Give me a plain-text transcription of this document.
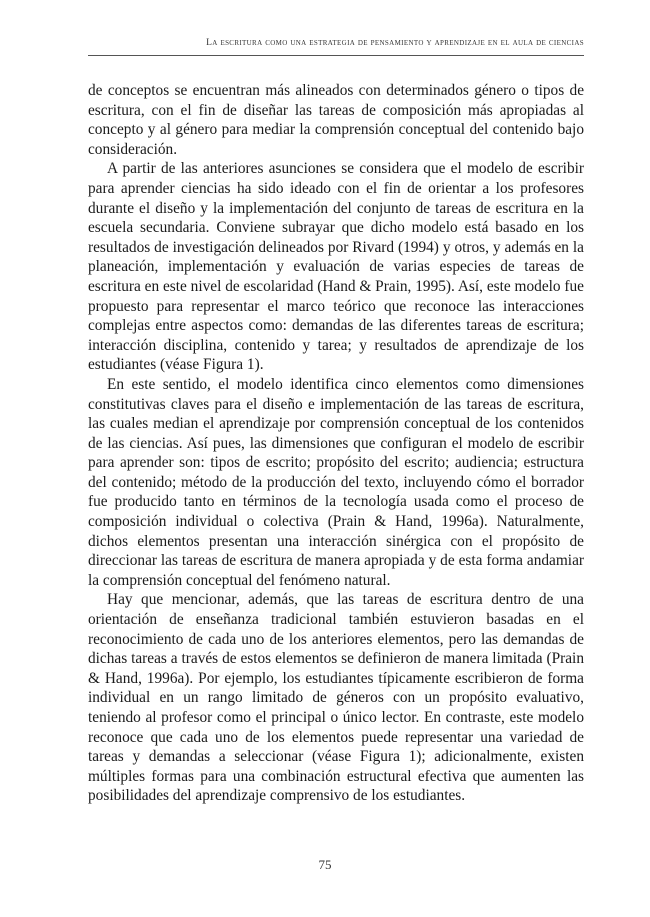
La escritura como una estrategia de pensamiento y aprendizaje en el aula de ciencias

de conceptos se encuentran más alineados con determinados género o tipos de escritura, con el fin de diseñar las tareas de composición más apropiadas al concepto y al género para mediar la comprensión conceptual del contenido bajo consideración.

A partir de las anteriores asunciones se considera que el modelo de escribir para aprender ciencias ha sido ideado con el fin de orientar a los profesores durante el diseño y la implementación del conjunto de tareas de escritura en la escuela secundaria. Conviene subrayar que dicho modelo está basado en los resultados de investigación delineados por Rivard (1994) y otros, y además en la planeación, implementación y evaluación de varias especies de tareas de escritura en este nivel de escolaridad (Hand & Prain, 1995). Así, este modelo fue propuesto para representar el marco teórico que reconoce las interacciones complejas entre aspectos como: demandas de las diferentes tareas de escritura; interacción disciplina, contenido y tarea; y resultados de aprendizaje de los estudiantes (véase Figura 1).

En este sentido, el modelo identifica cinco elementos como dimensiones constitutivas claves para el diseño e implementación de las tareas de escritura, las cuales median el aprendizaje por comprensión conceptual de los contenidos de las ciencias. Así pues, las dimensiones que configuran el modelo de escribir para aprender son: tipos de escrito; propósito del escrito; audiencia; estructura del contenido; método de la producción del texto, incluyendo cómo el borrador fue producido tanto en términos de la tecnología usada como el proceso de composición individual o colectiva (Prain & Hand, 1996a). Naturalmente, dichos elementos presentan una interacción sinérgica con el propósito de direccionar las tareas de escritura de manera apropiada y de esta forma andamiar la comprensión conceptual del fenómeno natural.

Hay que mencionar, además, que las tareas de escritura dentro de una orientación de enseñanza tradicional también estuvieron basadas en el reconocimiento de cada uno de los anteriores elementos, pero las demandas de dichas tareas a través de estos elementos se definieron de manera limitada (Prain & Hand, 1996a). Por ejemplo, los estudiantes típicamente escribieron de forma individual en un rango limitado de géneros con un propósito evaluativo, teniendo al profesor como el principal o único lector. En contraste, este modelo reconoce que cada uno de los elementos puede representar una variedad de tareas y demandas a seleccionar (véase Figura 1); adicionalmente, existen múltiples formas para una combinación estructural efectiva que aumenten las posibilidades del aprendizaje comprensivo de los estudiantes.

75
